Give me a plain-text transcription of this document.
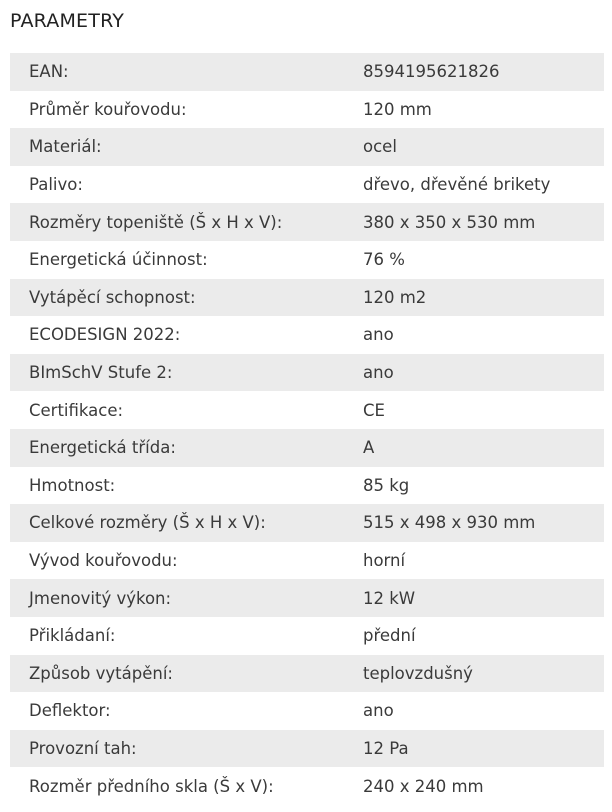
PARAMETRY
EAN:	8594195621826
Průměr kouřovodu:	120 mm
Materiál:	ocel
Palivo:	dřevo, dřevěné brikety
Rozměry topeniště (Š x H x V):	380 x 350 x 530 mm
Energetická účinnost:	76 %
Vytápěcí schopnost:	120 m2
ECODESIGN 2022:	ano
BImSchV Stufe 2:	ano
Certifikace:	CE
Energetická třída:	A
Hmotnost:	85 kg
Celkové rozměry (Š x H x V):	515 x 498 x 930 mm
Vývod kouřovodu:	horní
Jmenovitý výkon:	12 kW
Přikládaní:	přední
Způsob vytápění:	teplovzdušný
Deflektor:	ano
Provozní tah:	12 Pa
Rozměr předního skla (Š x V):	240 x 240 mm
